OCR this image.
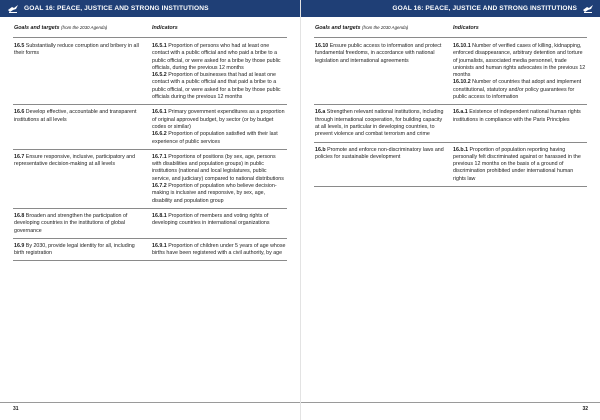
GOAL 16: PEACE, JUSTICE AND STRONG INSTITUTIONS
Goals and targets (from the 2030 Agenda)	Indicators
16.5 Substantially reduce corruption and bribery in all their forms

16.5.1 Proportion of persons who had at least one contact with a public official and who paid a bribe to a public official, or were asked for a bribe by those public officials, during the previous 12 months

16.5.2 Proportion of businesses that had at least one contact with a public official and that paid a bribe to a public official, or were asked for a bribe by those public officials during the previous 12 months

16.6 Develop effective, accountable and transparent institutions at all levels

16.6.1 Primary government expenditures as a proportion of original approved budget, by sector (or by budget codes or similar)

16.6.2 Proportion of population satisfied with their last experience of public services

16.7 Ensure responsive, inclusive, participatory and representative decision-making at all levels

16.7.1 Proportions of positions (by sex, age, persons with disabilities and population groups) in public institutions (national and local legislatures, public service, and judiciary) compared to national distributions

16.7.2 Proportion of population who believe decision-making is inclusive and responsive, by sex, age, disability and population group

16.8 Broaden and strengthen the participation of developing countries in the institutions of global governance

16.8.1 Proportion of members and voting rights of developing countries in international organizations

16.9 By 2030, provide legal identity for all, including birth registration

16.9.1 Proportion of children under 5 years of age whose births have been registered with a civil authority, by age

31
GOAL 16: PEACE, JUSTICE AND STRONG INSTITUTIONS
Goals and targets (from the 2030 Agenda)	Indicators
16.10 Ensure public access to information and protect fundamental freedoms, in accordance with national legislation and international agreements

16.10.1 Number of verified cases of killing, kidnapping, enforced disappearance, arbitrary detention and torture of journalists, associated media personnel, trade unionists and human rights advocates in the previous 12 months

16.10.2 Number of countries that adopt and implement constitutional, statutory and/or policy guarantees for public access to information

16.a Strengthen relevant national institutions, including through international cooperation, for building capacity at all levels, in particular in developing countries, to prevent violence and combat terrorism and crime

16.a.1 Existence of independent national human rights institutions in compliance with the Paris Principles

16.b Promote and enforce non-discriminatory laws and policies for sustainable development

16.b.1 Proportion of population reporting having personally felt discriminated against or harassed in the previous 12 months on the basis of a ground of discrimination prohibited under international human rights law

32
